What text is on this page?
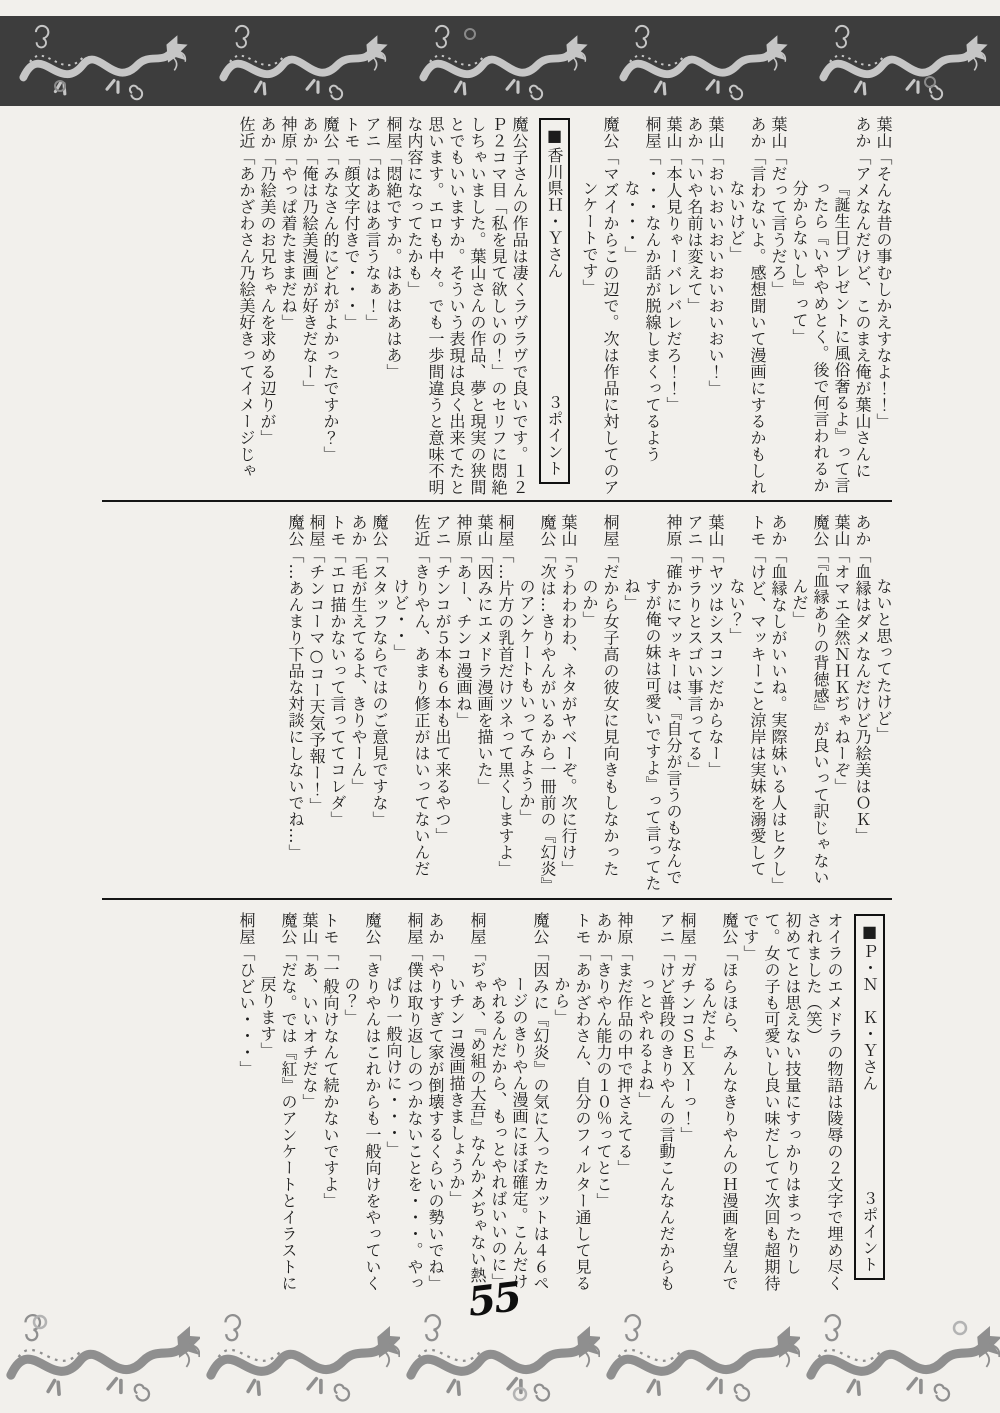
葉山「そんな昔の事むしかえすなよ！！」

あか「アメなんだけど、このまえ俺が葉山さんに『誕生日プレゼントに風俗奢るよ』って言ったら『いややめとく。後で何言われるか分からないし』って」

葉山「だって言うだろ」

あか「言わないよ。感想聞いて漫画にするかもしれないけど」

葉山「おいおいおいおいおいおい！」

あか「いや名前は変えて」

葉山「本人見りゃーバレバレだろ！！」

桐屋「・・・なんか話が脱線しまくってるような・・・」

魔公「マズイからこの辺で。次は作品に対してのアンケートです」

■香川県Ｈ・Ｙさん
３ポイント

魔公子さんの作品は凄くラヴラヴで良いです。１２Ｐ２コマ目「私を見て欲しいの！」のセリフに悶絶しちゃいました。葉山さんの作品、夢と現実の狭間とでもいいますか。そういう表現は良く出来てたと思います。エロも中々。でも一歩間違うと意味不明な内容になってたかも」

桐屋「悶絶ですか。はあはあはあ」

アニ「はあはあ言うなぁ！」

トモ「顔文字付きで・・・」

魔公「みなさん的にどれがよかったですか？」

あか「俺は乃絵美漫画が好きだなー」

神原「やっぱ着たままだね」

あか「乃絵美のお兄ちゃんを求める辺りが」

佐近「あかざわさん乃絵美好きってイメージじゃ

ないと思ってたけど」

あか「血縁はダメなんだけど乃絵美はＯＫ」

葉山「オマエ全然ＮＨＫぢゃねーぞ」

魔公「『血縁ありの背徳感』が良いって訳じゃないんだ」

あか「血縁なしがいいね。実際妹いる人はヒクし」

トモ「けど、マッキーこと涼岸は実妹を溺愛してない？」

葉山「ヤツはシスコンだからなー」

アニ「サラりとスゴい事言ってる」

神原「確かにマッキーは、『自分が言うのもなんですが俺の妹は可愛いですよ』って言ってたね」

桐屋「だから女子高の彼女に見向きもしなかったのか」

葉山「うわわわわ、ネタがヤベーぞ。次に行け」

魔公「次は…きりやんがいるから一冊前の『幻炎』のアンケートもいってみようか」

桐屋「…片方の乳首だけツネって黒くしますよ」

葉山「因みにエメドラ漫画を描いた」

神原「あー、チンコ漫画ね」

アニ「チンコが５本も６本も出て来るやつ」

佐近「きりやん、あまり修正がはいってないんだけど・・」

魔公「スタッフならではのご意見ですな」

あか「毛が生えてるよ、きりやーん」

トモ「エロ描かないって言っててコレダ」

桐屋「チンコーマ○コー天気予報ー！」

魔公「…あんまり下品な対談にしないでね…」

■Ｐ・Ｎ　Ｋ・Ｙさん
３ポイント

オイラのエメドラの物語は陵辱の２文字で埋め尽くされました（笑）

初めてとは思えない技量にすっかりはまったりして。女の子も可愛いし良い味だしてて次回も超期待です」

魔公「ほらほら、みんなきりやんのＨ漫画を望んでるんだよ」

桐屋「ガチンコＳＥＸーっ！」

アニ「けど普段のきりやんの言動こんなんだからもっとやれるよね」

神原「まだ作品の中で押さえてる」

あか「きりやん能力の１０％ってとこ」

トモ「あかざわさん、自分のフィルター通して見るから」

魔公「因みに『幻炎』の気に入ったカットは４６ページのきりやん漫画にほぼ確定。こんだけやれるんだから、もっとやればいいのに」

桐屋「ぢゃあ、『め組の大吾』なんかメぢゃない熱いチンコ漫画描きましょうか」

あか「やりすぎて家が倒壊するくらいの勢いでね」

桐屋「僕は取り返しのつかないことを・・・。やっぱり一般向けに・・・」

魔公「きりやんはこれからも一般向けをやっていくの？」

トモ「一般向けなんて続かないですよ」

葉山「あ、いいオチだな」

魔公「だな。では『紅』のアンケートとイラストに戻ります」

桐屋「ひどい・・・」

55
